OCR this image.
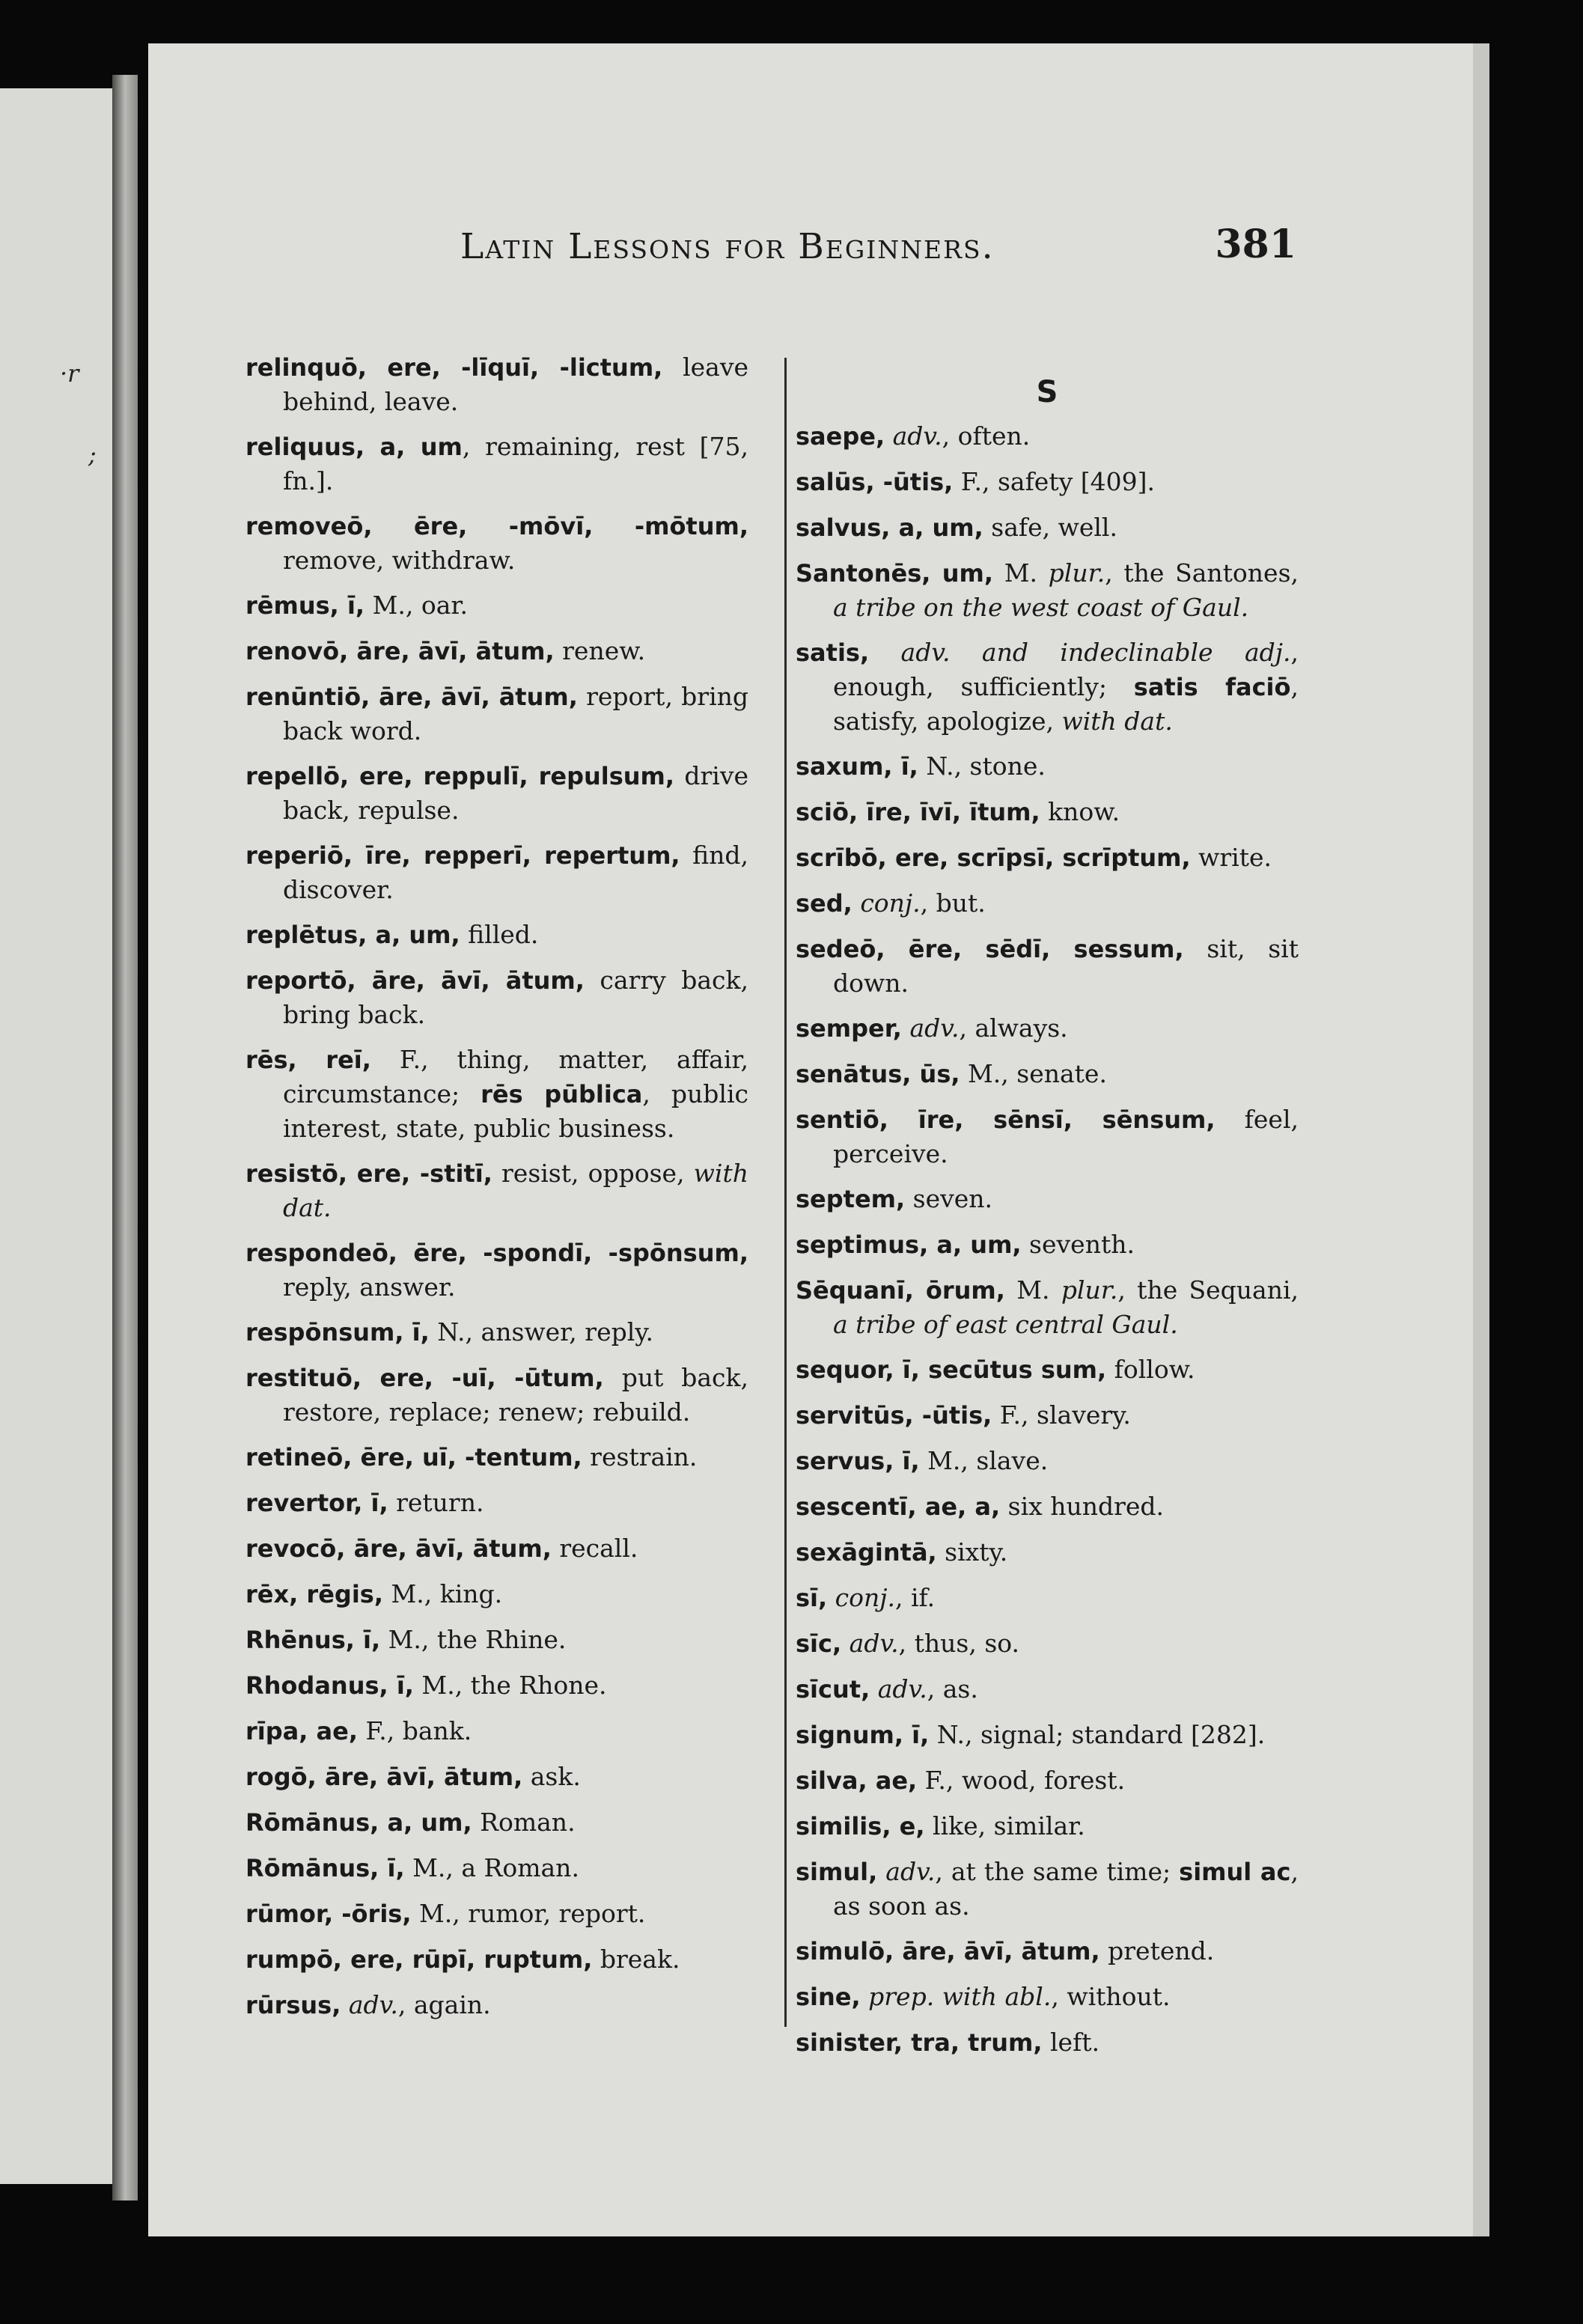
·r
;
Latin Lessons for Beginners.	381
relinquō, ere, -līquī, -lictum, leave behind, leave.
reliquus, a, um, remaining, rest [75, fn.].
removeō, ēre, -mōvī, -mōtum, remove, withdraw.
rēmus, ī, M., oar.
renovō, āre, āvī, ātum, renew.
renūntiō, āre, āvī, ātum, report, bring back word.
repellō, ere, reppulī, repulsum, drive back, repulse.
reperiō, īre, repperī, repertum, find, discover.
replētus, a, um, filled.
reportō, āre, āvī, ātum, carry back, bring back.
rēs, reī, F., thing, matter, affair, circumstance; rēs pūblica, public interest, state, public business.
resistō, ere, -stitī, resist, oppose, with dat.
respondeō, ēre, -spondī, -spōnsum, reply, answer.
respōnsum, ī, N., answer, reply.
restituō, ere, -uī, -ūtum, put back, restore, replace; renew; rebuild.
retineō, ēre, uī, -tentum, restrain.
revertor, ī, return.
revocō, āre, āvī, ātum, recall.
rēx, rēgis, M., king.
Rhēnus, ī, M., the Rhine.
Rhodanus, ī, M., the Rhone.
rīpa, ae, F., bank.
rogō, āre, āvī, ātum, ask.
Rōmānus, a, um, Roman.
Rōmānus, ī, M., a Roman.
rūmor, -ōris, M., rumor, report.
rumpō, ere, rūpī, ruptum, break.
rūrsus, adv., again.
S
saepe, adv., often.
salūs, -ūtis, F., safety [409].
salvus, a, um, safe, well.
Santonēs, um, M. plur., the Santones, a tribe on the west coast of Gaul.
satis, adv. and indeclinable adj., enough, sufficiently; satis faciō, satisfy, apologize, with dat.
saxum, ī, N., stone.
sciō, īre, īvī, ītum, know.
scrībō, ere, scrīpsī, scrīptum, write.
sed, conj., but.
sedeō, ēre, sēdī, sessum, sit, sit down.
semper, adv., always.
senātus, ūs, M., senate.
sentiō, īre, sēnsī, sēnsum, feel, perceive.
septem, seven.
septimus, a, um, seventh.
Sēquanī, ōrum, M. plur., the Sequani, a tribe of east central Gaul.
sequor, ī, secūtus sum, follow.
servitūs, -ūtis, F., slavery.
servus, ī, M., slave.
sescentī, ae, a, six hundred.
sexāgintā, sixty.
sī, conj., if.
sīc, adv., thus, so.
sīcut, adv., as.
signum, ī, N., signal; standard [282].
silva, ae, F., wood, forest.
similis, e, like, similar.
simul, adv., at the same time; simul ac, as soon as.
simulō, āre, āvī, ātum, pretend.
sine, prep. with abl., without.
sinister, tra, trum, left.
